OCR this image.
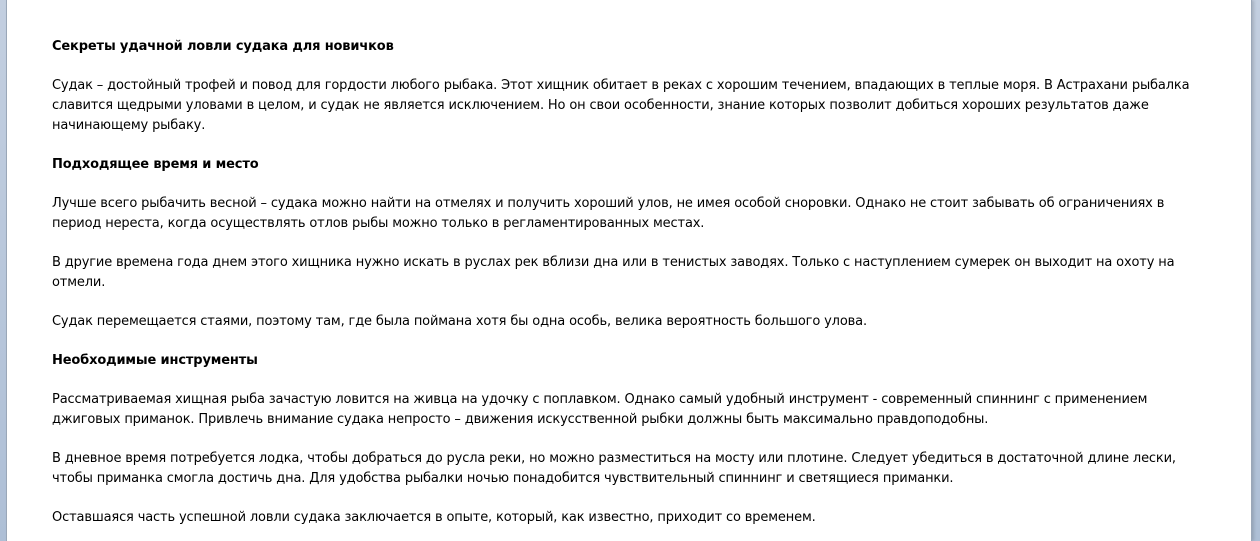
Секреты удачной ловли судака для новичков

Судак – достойный трофей и повод для гордости любого рыбака. Этот хищник обитает в реках с хорошим течением, впадающих в теплые моря. В Астрахани рыбалка славится щедрыми уловами в целом, и судак не является исключением. Но он свои особенности, знание которых позволит добиться хороших результатов даже начинающему рыбаку.

Подходящее время и место

Лучше всего рыбачить весной – судака можно найти на отмелях и получить хороший улов, не имея особой сноровки. Однако не стоит забывать об ограничениях в период нереста, когда осуществлять отлов рыбы можно только в регламентированных местах.

В другие времена года днем этого хищника нужно искать в руслах рек вблизи дна или в тенистых заводях. Только с наступлением сумерек он выходит на охоту на отмели.

Судак перемещается стаями, поэтому там, где была поймана хотя бы одна особь, велика вероятность большого улова.

Необходимые инструменты

Рассматриваемая хищная рыба зачастую ловится на живца на удочку с поплавком. Однако самый удобный инструмент - современный спиннинг с применением джиговых приманок. Привлечь внимание судака непросто – движения искусственной рыбки должны быть максимально правдоподобны.

В дневное время потребуется лодка, чтобы добраться до русла реки, но можно разместиться на мосту или плотине. Следует убедиться в достаточной длине лески, чтобы приманка смогла достичь дна. Для удобства рыбалки ночью понадобится чувствительный спиннинг и светящиеся приманки.

Оставшаяся часть успешной ловли судака заключается в опыте, который, как известно, приходит со временем.
